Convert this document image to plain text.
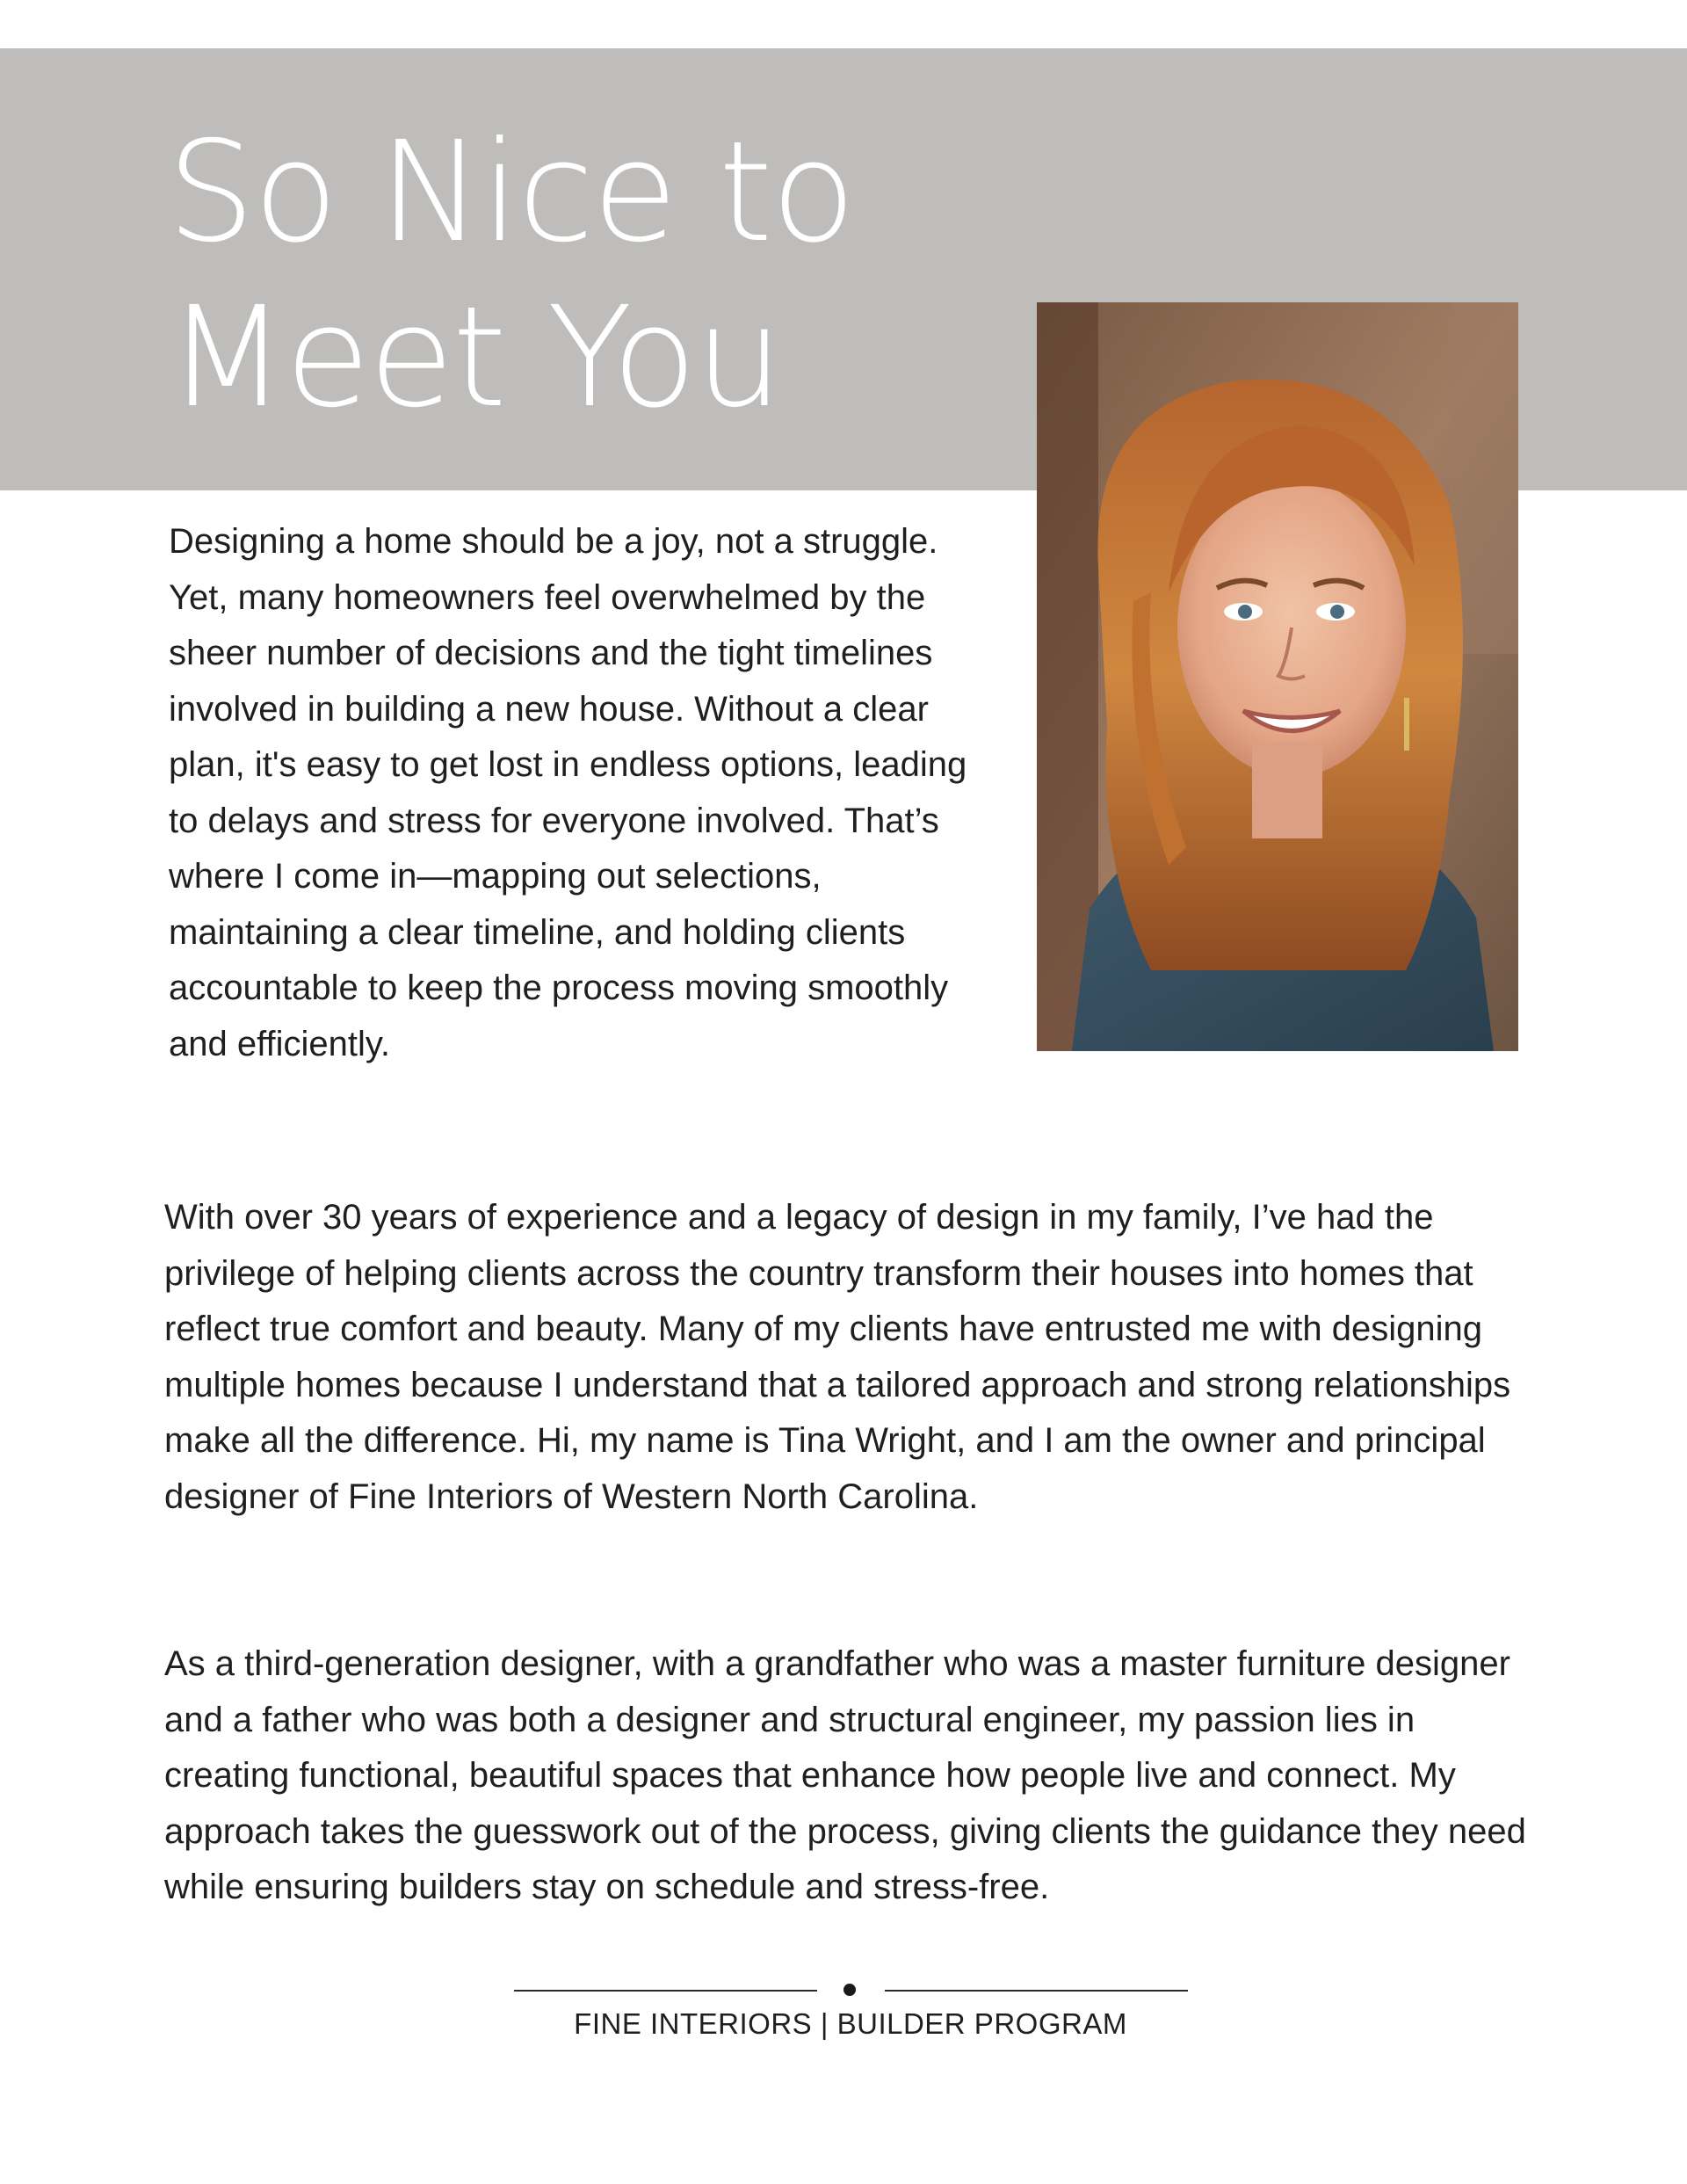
So Nice to
Meet You

Designing a home should be a joy, not a struggle. Yet, many homeowners feel overwhelmed by the sheer number of decisions and the tight timelines involved in building a new house. Without a clear plan, it's easy to get lost in endless options, leading to delays and stress for everyone involved. That’s where I come in—mapping out selections, maintaining a clear timeline, and holding clients accountable to keep the process moving smoothly and efficiently.

With over 30 years of experience and a legacy of design in my family, I’ve had the privilege of helping clients across the country transform their houses into homes that reflect true comfort and beauty. Many of my clients have entrusted me with designing multiple homes because I understand that a tailored approach and strong relationships make all the difference. Hi, my name is Tina Wright, and I am the owner and principal designer of Fine Interiors of Western North Carolina.

As a third-generation designer, with a grandfather who was a master furniture designer and a father who was both a designer and structural engineer, my passion lies in creating functional, beautiful spaces that enhance how people live and connect. My approach takes the guesswork out of the process, giving clients the guidance they need while ensuring builders stay on schedule and stress-free.

FINE INTERIORS | BUILDER PROGRAM
